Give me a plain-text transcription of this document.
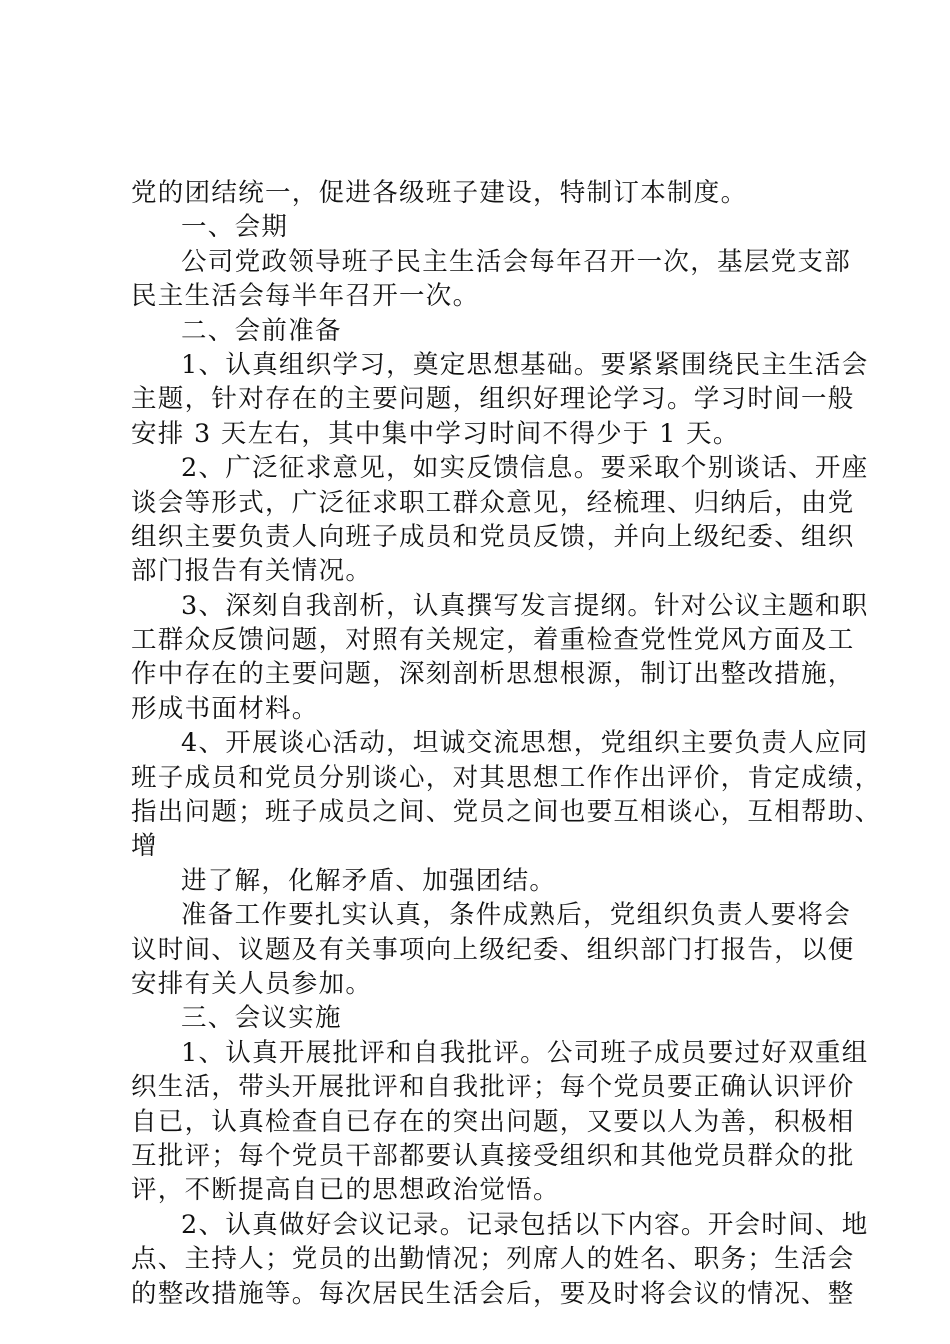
党的团结统一，促进各级班子建设，特制订本制度。
一、会期
公司党政领导班子民主生活会每年召开一次，基层党支部
民主生活会每半年召开一次。
二、会前准备
1、认真组织学习，奠定思想基础。要紧紧围绕民主生活会
主题，针对存在的主要问题，组织好理论学习。学习时间一般
安排 3 天左右，其中集中学习时间不得少于 1 天。
2、广泛征求意见，如实反馈信息。要采取个别谈话、开座
谈会等形式，广泛征求职工群众意见，经梳理、归纳后，由党
组织主要负责人向班子成员和党员反馈，并向上级纪委、组织
部门报告有关情况。
3、深刻自我剖析，认真撰写发言提纲。针对公议主题和职
工群众反馈问题，对照有关规定，着重检查党性党风方面及工
作中存在的主要问题，深刻剖析思想根源，制订出整改措施，
形成书面材料。
4、开展谈心活动，坦诚交流思想，党组织主要负责人应同
班子成员和党员分别谈心，对其思想工作作出评价，肯定成绩，
指出问题；班子成员之间、党员之间也要互相谈心，互相帮助、
增
进了解，化解矛盾、加强团结。
准备工作要扎实认真，条件成熟后，党组织负责人要将会
议时间、议题及有关事项向上级纪委、组织部门打报告，以便
安排有关人员参加。
三、会议实施
1、认真开展批评和自我批评。公司班子成员要过好双重组
织生活，带头开展批评和自我批评；每个党员要正确认识评价
自已，认真检查自已存在的突出问题，又要以人为善，积极相
互批评；每个党员干部都要认真接受组织和其他党员群众的批
评，不断提高自已的思想政治觉悟。
2、认真做好会议记录。记录包括以下内容。开会时间、地
点、主持人；党员的出勤情况；列席人的姓名、职务；生活会
的整改措施等。每次居民生活会后，要及时将会议的情况、整
